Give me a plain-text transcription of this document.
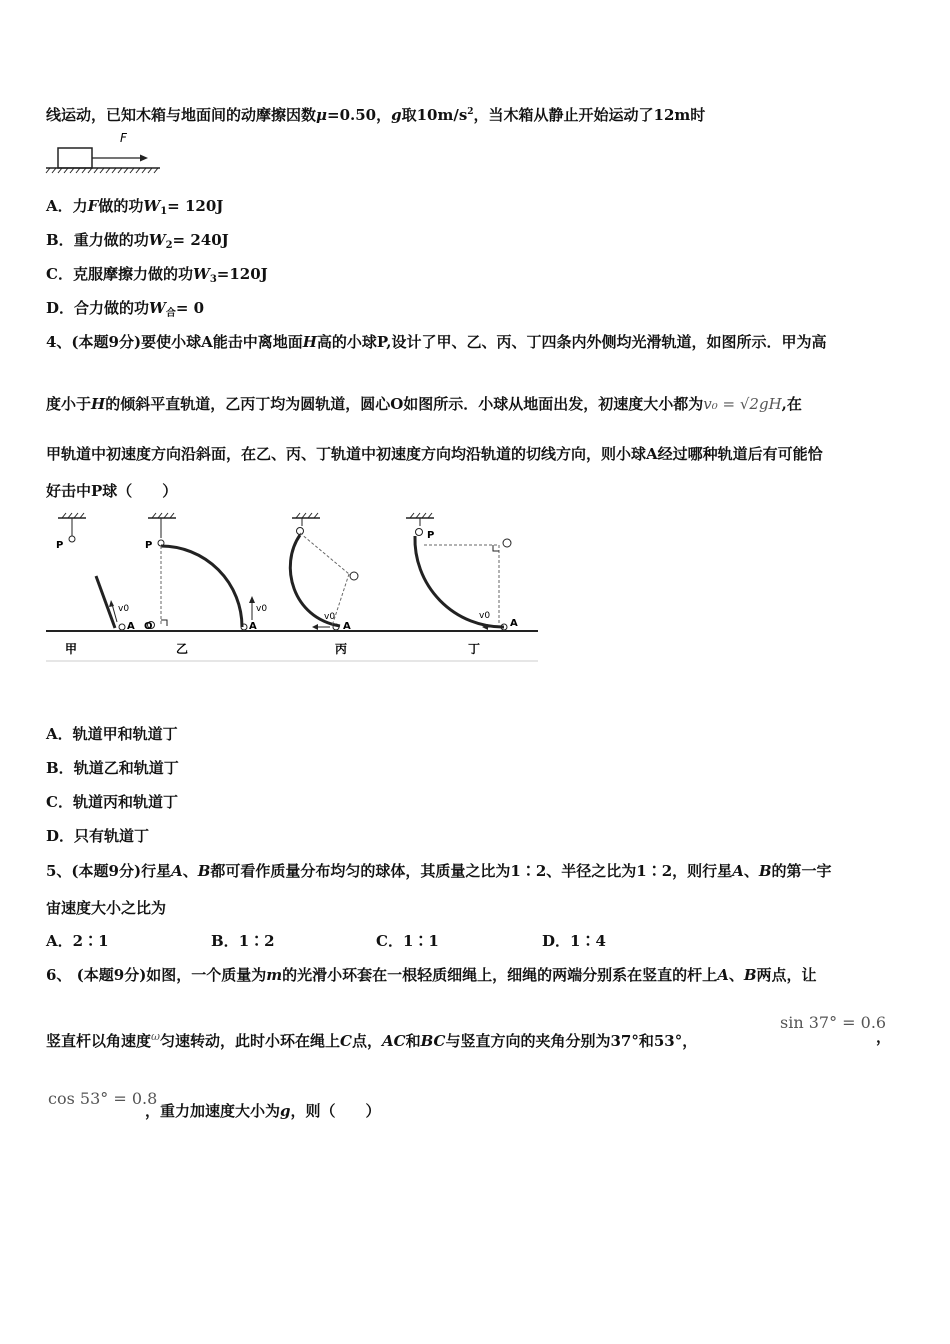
线运动，已知木箱与地面间的动摩擦因数μ=0.50，g取$10m/s^2$，当木箱从静止开始运动了12m时
F
A．力F做的功$W_1= 120J$
B．重力做的功$W_2= 240J$
C．克服摩擦力做的功$W_3=120J$
D．合力做的功$W_合= 0$
4、(本题9分)要使小球A能击中离地面H高的小球P,设计了甲、乙、丙、丁四条内外侧均光滑轨道，如图所示．甲为高
度小于H的倾斜平直轨道，乙丙丁均为圆轨道，圆心O如图所示．小球从地面出发，初速度大小都为v₀ = √2gH,在
甲轨道中初速度方向沿斜面，在乙、丙、丁轨道中初速度方向均沿轨道的切线方向，则小球A经过哪种轨道后有可能恰
好击中P球（　　）
P
A
v0
甲
P
O	A
v0
乙
A
v0
丙
P
A
v0
丁
A．轨道甲和轨道丁
B．轨道乙和轨道丁
C．轨道丙和轨道丁
D．只有轨道丁
5、(本题9分)行星A、B都可看作质量分布均匀的球体，其质量之比为1∶2、半径之比为1∶2，则行星A、B的第一宇
宙速度大小之比为
A．2∶1	B．1∶2	C．1∶1	D．1∶4
6、 (本题9分)如图，一个质量为m的光滑小环套在一根轻质细绳上，细绳的两端分别系在竖直的杆上A、B两点，让
竖直杆以角速度$^\omega$匀速转动，此时小环在绳上C点，AC和BC与竖直方向的夹角分别为37°和53°，
sin 37° = 0.6
，
cos 53° = 0.8
，重力加速度大小为g，则（　　）
